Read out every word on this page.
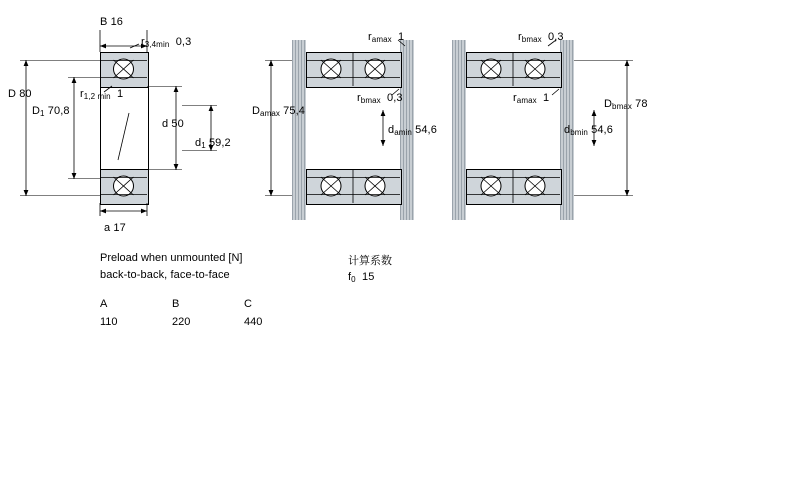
B 16
$r_{3,4min}$ 0,3
D 80	$r_{1,2 min}$ 1
$D_1$ 70,8
d 50
$d_1$ 59,2
a 17
$r_{amax}$ 1
$D_{amax}$ 75,4
$r_{bmax}$ 0,3
$d_{amin}$ 54,6
$r_{bmax}$ 0,3
$r_{amax}$ 1	$D_{bmax}$ 78
$d_{bmin}$ 54,6
Preload when unmounted [N]
back-to-back, face-to-face
A	B	C
110	220	440
计算系数
$f_0$ 15
